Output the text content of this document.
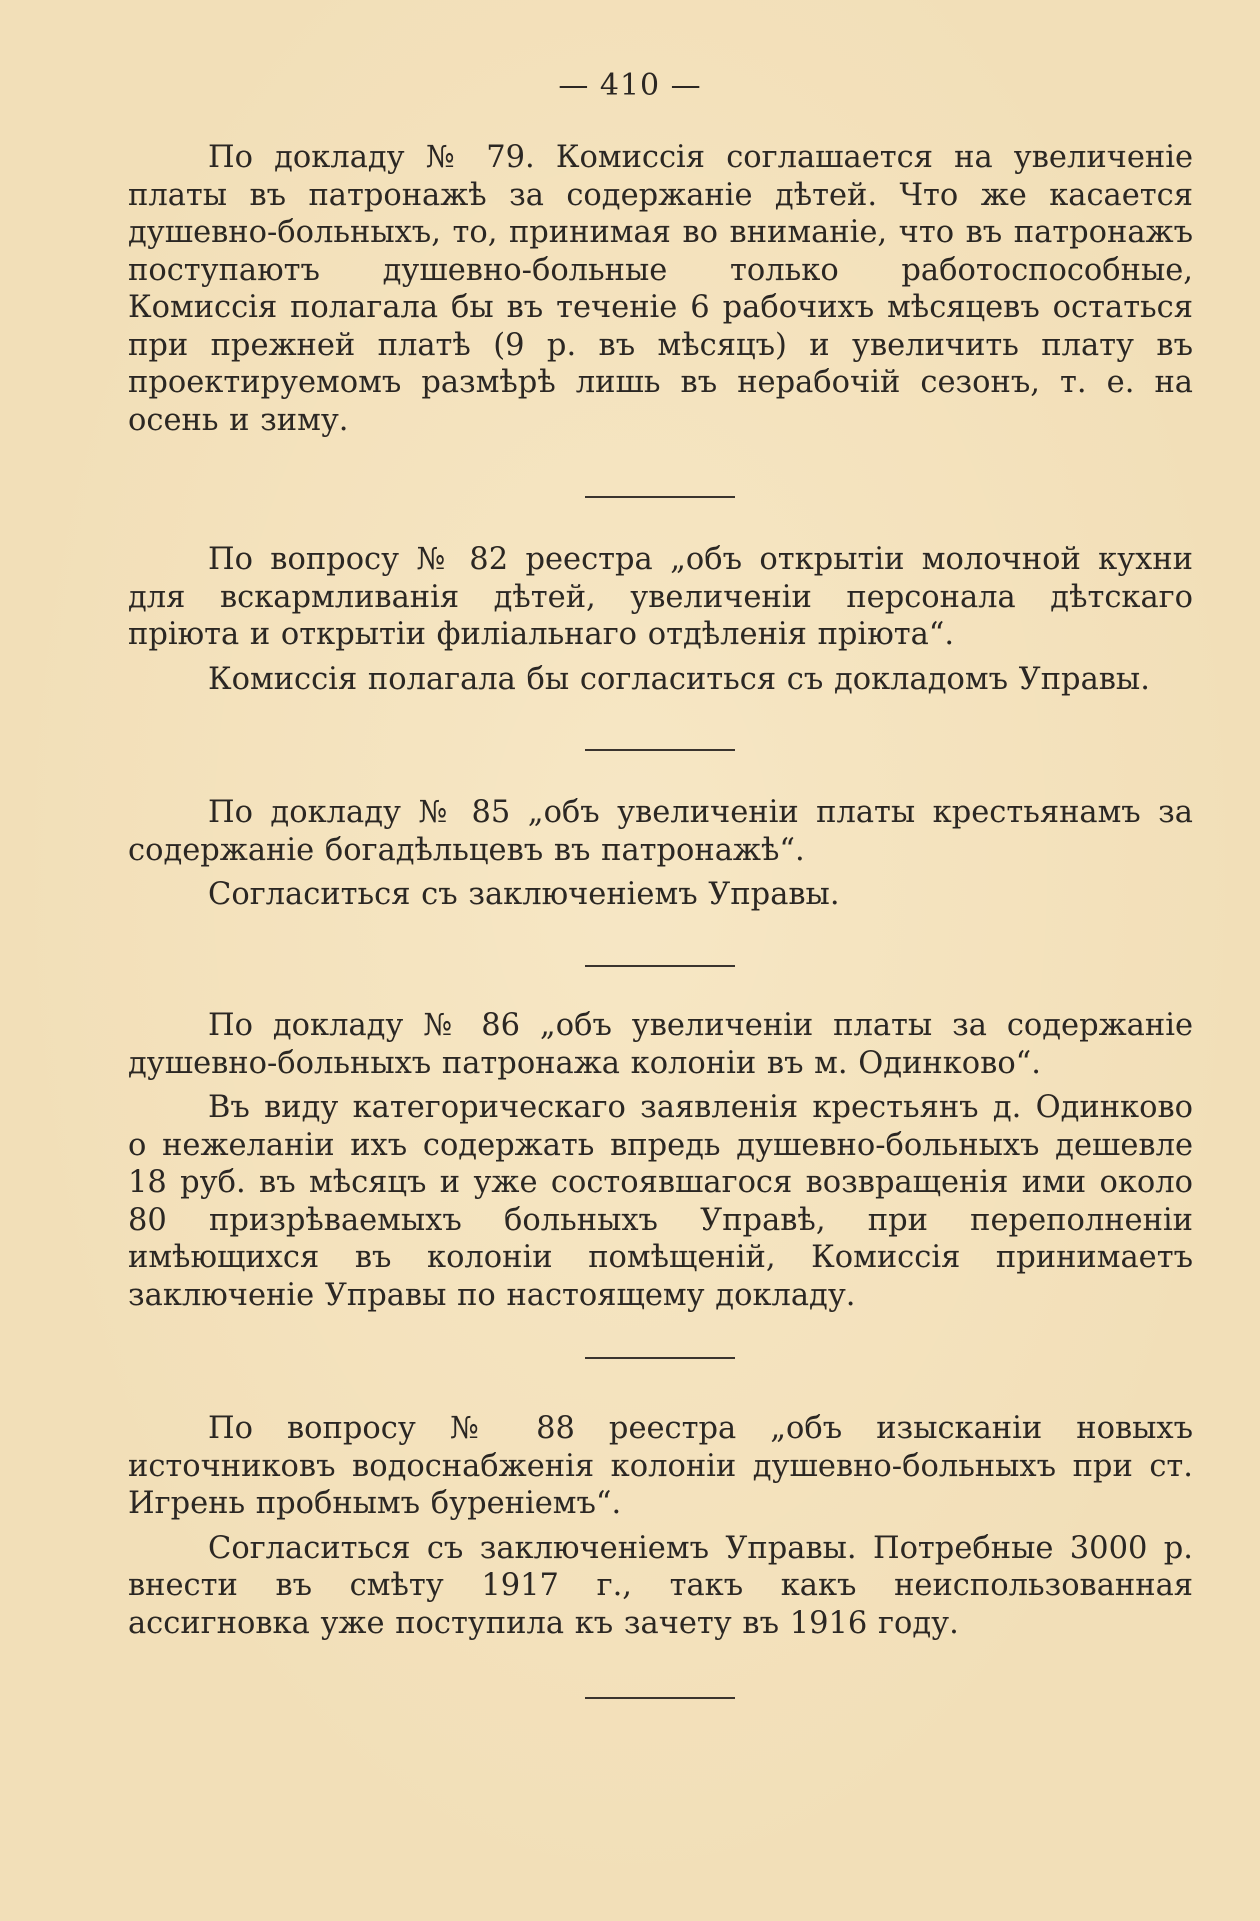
— 410 —

По докладу № 79. Комиссія соглашается на увеличеніе платы въ патронажѣ за содержаніе дѣтей. Что же касается душевно-больныхъ, то, принимая во вниманіе, что въ патронажъ поступаютъ душевно-больные только работоспособные, Комиссія полагала бы въ теченіе 6 рабочихъ мѣсяцевъ остаться при прежней платѣ (9 р. въ мѣсяцъ) и увеличить плату въ проектируемомъ размѣрѣ лишь въ нерабочій сезонъ, т. е. на осень и зиму.

По вопросу № 82 реестра „объ открытіи молочной кухни для вскармливанія дѣтей, увеличеніи персонала дѣтскаго пріюта и открытіи филіальнаго отдѣленія пріюта“.

Комиссія полагала бы согласиться съ докладомъ Управы.

По докладу № 85 „объ увеличеніи платы крестьянамъ за содержаніе богадѣльцевъ въ патронажѣ“.

Согласиться съ заключеніемъ Управы.

По докладу № 86 „объ увеличеніи платы за содержаніе душевно-больныхъ патронажа колоніи въ м. Одинково“.

Въ виду категорическаго заявленія крестьянъ д. Одинково о нежеланіи ихъ содержать впредь душевно-больныхъ дешевле 18 руб. въ мѣсяцъ и уже состоявшагося возвращенія ими около 80 призрѣваемыхъ больныхъ Управѣ, при переполненіи имѣющихся въ колоніи помѣщеній, Комиссія принимаетъ заключеніе Управы по настоящему докладу.

По вопросу № 88 реестра „объ изысканіи новыхъ источниковъ водоснабженія колоніи душевно-больныхъ при ст. Игрень пробнымъ буреніемъ“.

Согласиться съ заключеніемъ Управы. Потребные 3000 р. внести въ смѣту 1917 г., такъ какъ неиспользованная ассигновка уже поступила къ зачету въ 1916 году.
